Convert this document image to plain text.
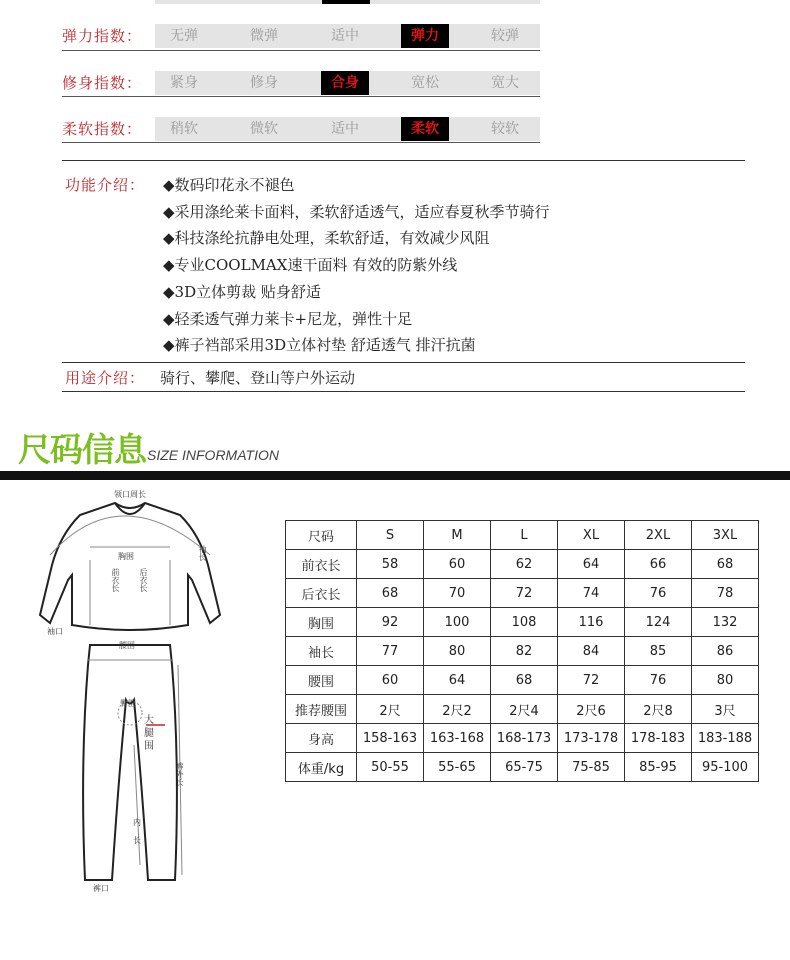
弹力指数：	无弹	微弹	适中	弹力	较弹
修身指数：	紧身	修身	合身	宽松	宽大
柔软指数：	稍软	微软	适中	柔软	较软
功能介绍： ◆数码印花永不褪色
◆采用涤纶莱卡面料，柔软舒适透气，适应春夏秋季节骑行
◆科技涤纶抗静电处理，柔软舒适，有效减少风阻
◆专业COOLMAX速干面料 有效的防紫外线
◆3D立体剪裁 贴身舒适
◆轻柔透气弹力莱卡+尼龙，弹性十足
◆裤子裆部采用3D立体衬垫 舒适透气 排汗抗菌
用途介绍： 骑行、攀爬、登山等户外运动
尺码信息 SIZE INFORMATION
领口周长
袖长
胸围
前衣长 后衣长
袖口
腰围
臀围
大
腿
围
裤外长
内
长
裤口
尺码	S	M	L	XL	2XL	3XL
前衣长	58	60	62	64	66	68
后衣长	68	70	72	74	76	78
胸围	92	100	108	116	124	132
袖长	77	80	82	84	85	86
腰围	60	64	68	72	76	80
推荐腰围	2尺	2尺2	2尺4	2尺6	2尺8	3尺
身高	158-163	163-168	168-173	173-178	178-183	183-188
体重/kg	50-55	55-65	65-75	75-85	85-95	95-100
